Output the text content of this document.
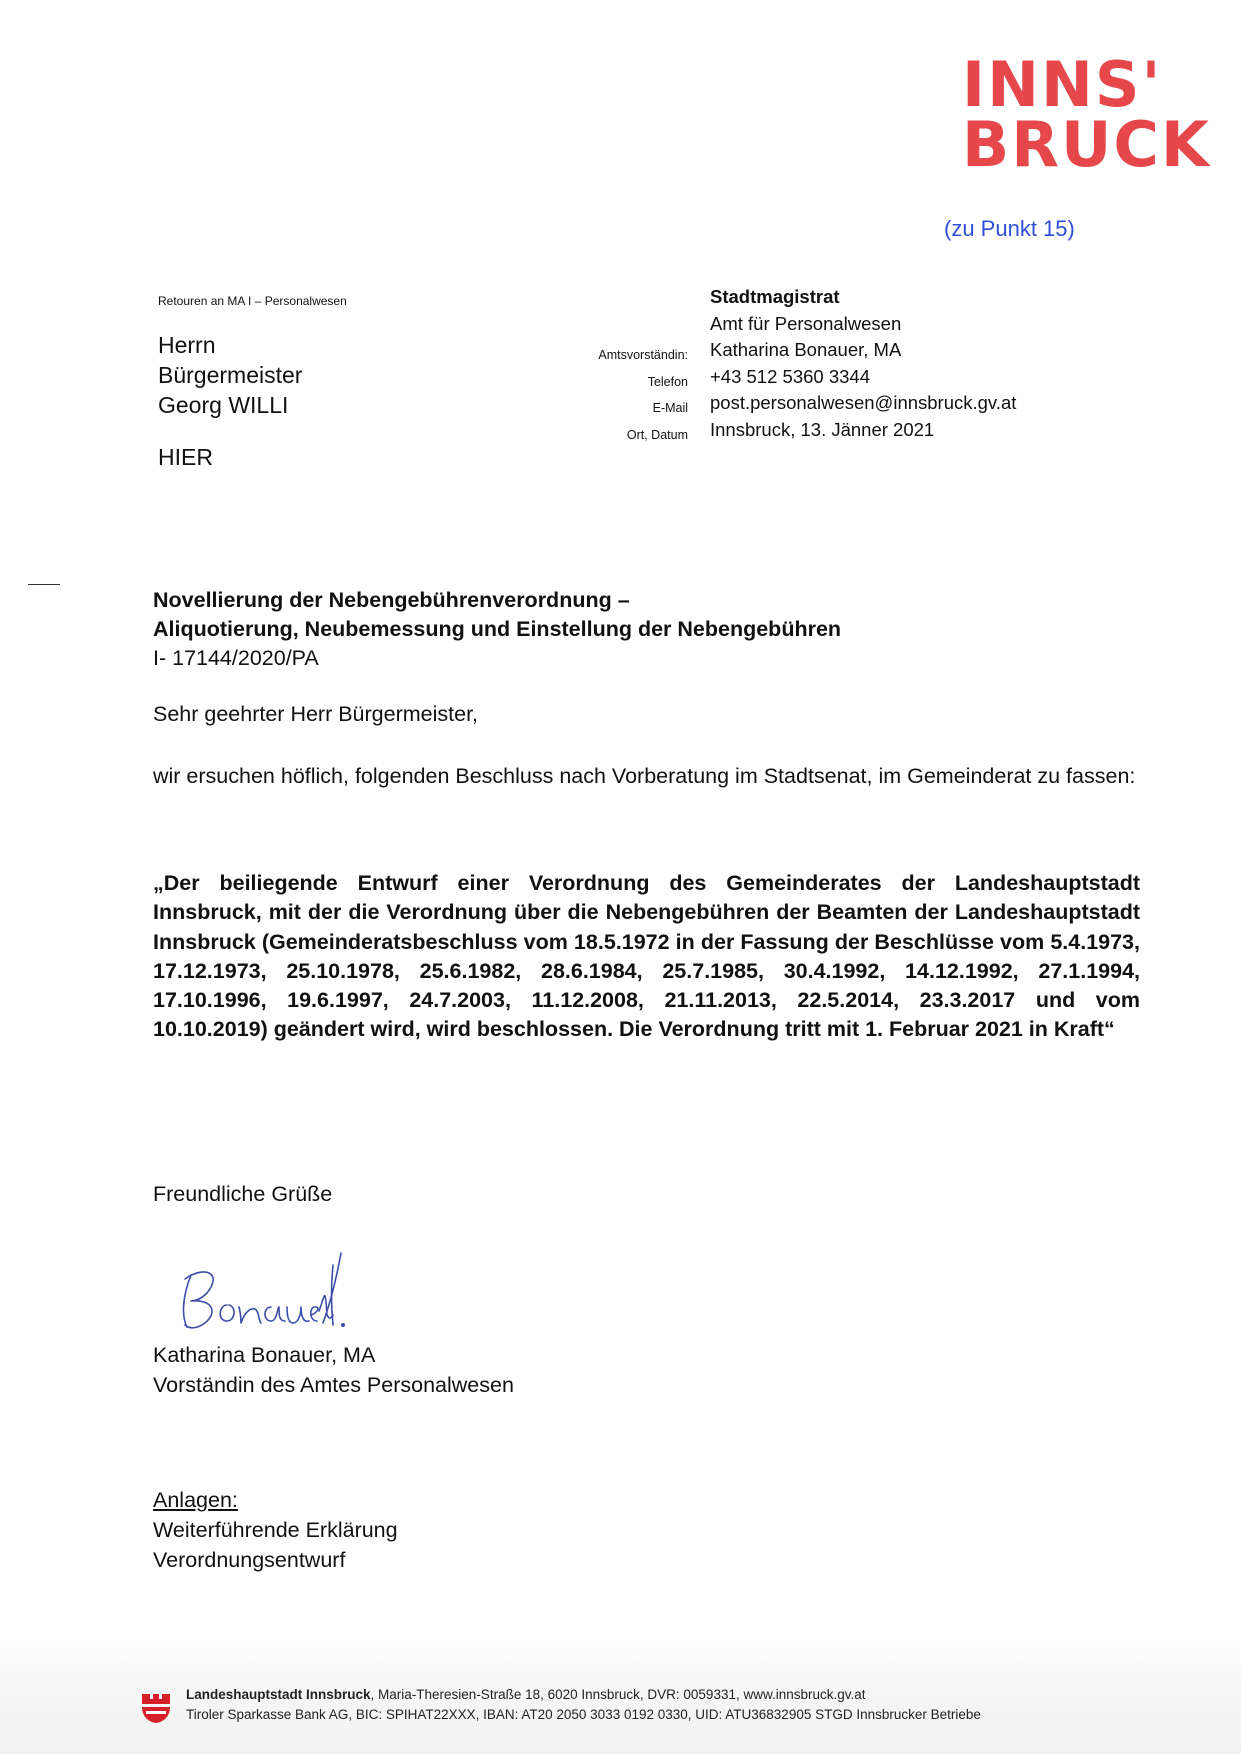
INNS'
BRUCK
(zu Punkt 15)
Retouren an MA I – Personalwesen
Herrn
Bürgermeister
Georg WILLI
HIER
Amtsvorständin:
Telefon
E-Mail
Ort, Datum
Stadtmagistrat
Amt für Personalwesen
Katharina Bonauer, MA
+43 512 5360 3344
post.personalwesen@innsbruck.gv.at
Innsbruck, 13. Jänner 2021
Novellierung der Nebengebührenverordnung –
Aliquotierung, Neubemessung und Einstellung der Nebengebühren
I- 17144/2020/PA
Sehr geehrter Herr Bürgermeister,
wir ersuchen höflich, folgenden Beschluss nach Vorberatung im Stadtsenat, im Gemeinderat zu fassen:
„Der beiliegende Entwurf einer Verordnung des Gemeinderates der Landeshauptstadt Innsbruck, mit der die Verordnung über die Nebengebühren der Beamten der Landeshauptstadt Innsbruck (Gemeinderatsbeschluss vom 18.5.1972 in der Fassung der Beschlüsse vom 5.4.1973, 17.12.1973, 25.10.1978, 25.6.1982, 28.6.1984, 25.7.1985, 30.4.1992, 14.12.1992, 27.1.1994, 17.10.1996, 19.6.1997, 24.7.2003, 11.12.2008, 21.11.2013, 22.5.2014, 23.3.2017 und vom 10.10.2019) geändert wird, wird beschlossen. Die Verordnung tritt mit 1. Februar 2021 in Kraft“
Freundliche Grüße
Katharina Bonauer, MA
Vorständin des Amtes Personalwesen
Anlagen:
Weiterführende Erklärung
Verordnungsentwurf
Landeshauptstadt Innsbruck, Maria-Theresien-Straße 18, 6020 Innsbruck, DVR: 0059331, www.innsbruck.gv.at
Tiroler Sparkasse Bank AG, BIC: SPIHAT22XXX, IBAN: AT20 2050 3033 0192 0330, UID: ATU36832905 STGD Innsbrucker Betriebe
